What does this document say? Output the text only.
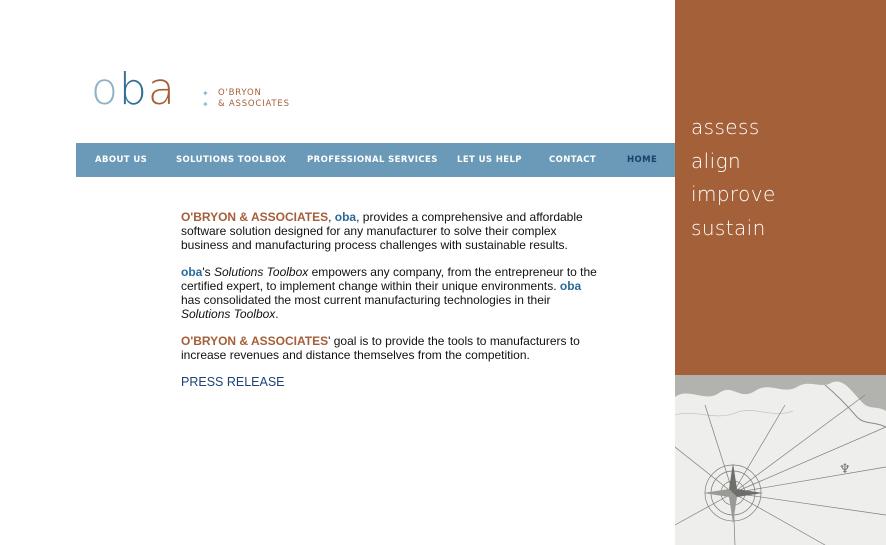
oba	✦ O'BRYON
✦ & ASSOCIATES
ABOUT US	SOLUTIONS TOOLBOX PROFESSIONAL SERVICES LET US HELP	CONTACT	HOME

O'BRYON & ASSOCIATES, oba, provides a comprehensive and affordable software solution designed for any manufacturer to solve their complex business and manufacturing process challenges with sustainable results.

oba's Solutions Toolbox empowers any company, from the entrepreneur to the certified expert, to implement change within their unique environments. oba has consolidated the most current manufacturing technologies in their Solutions Toolbox.

O'BRYON & ASSOCIATES' goal is to provide the tools to manufacturers to increase revenues and distance themselves from the competition.

PRESS RELEASE
assess
align
improve
sustain
♆
